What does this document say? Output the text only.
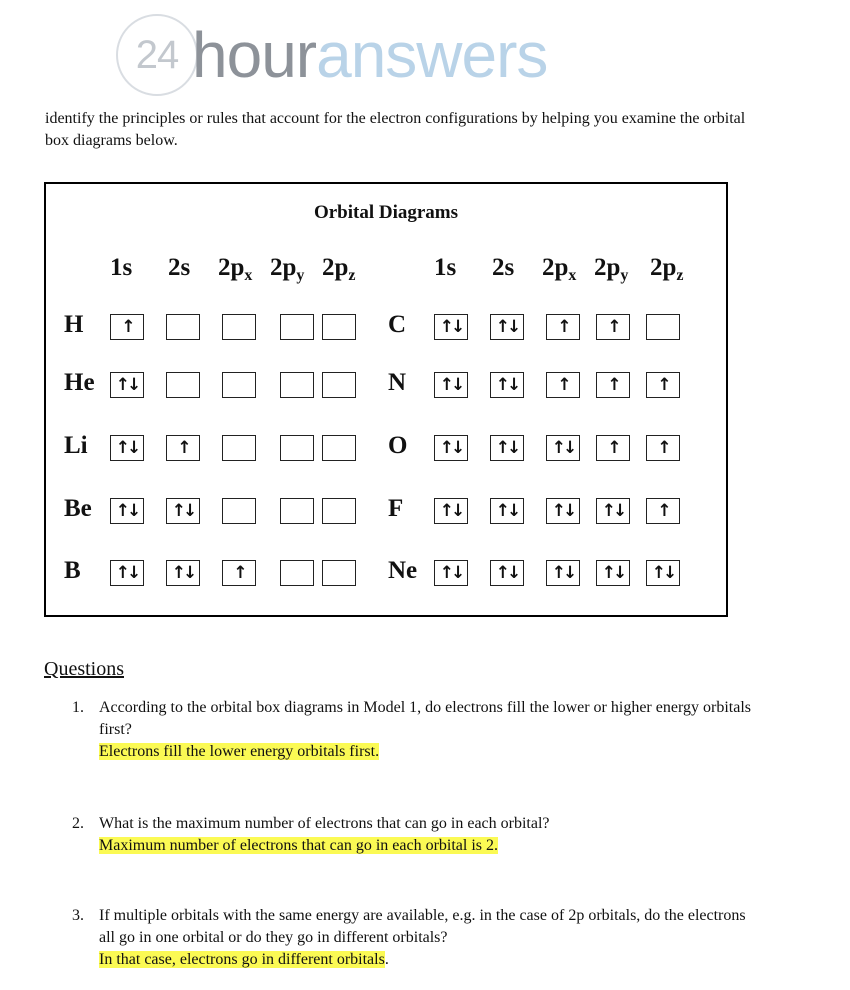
24 houranswers
identify the principles or rules that account for the electron configurations by helping you examine the orbital box diagrams below.
Orbital Diagrams
1s 2s $2p_x$ $2p_y$ $2p_z$	1s 2s $2p_x$ $2p_y$ $2p_z$
H	↑
He	↑↓
Li	↑↓	↑
Be	↑↓	↑↓
B	↑↓	↑↓	↑
C	↑↓	↑↓	↑	↑
N	↑↓	↑↓	↑	↑	↑
O	↑↓	↑↓	↑↓	↑	↑
F	↑↓	↑↓	↑↓	↑↓	↑
Ne	↑↓	↑↓	↑↓	↑↓	↑↓
Questions
1. According to the orbital box diagrams in Model 1, do electrons fill the lower or higher energy orbitals first?
Electrons fill the lower energy orbitals first.
2. What is the maximum number of electrons that can go in each orbital?
Maximum number of electrons that can go in each orbital is 2.
3. If multiple orbitals with the same energy are available, e.g. in the case of 2p orbitals, do the electrons all go in one orbital or do they go in different orbitals?
In that case, electrons go in different orbitals.
